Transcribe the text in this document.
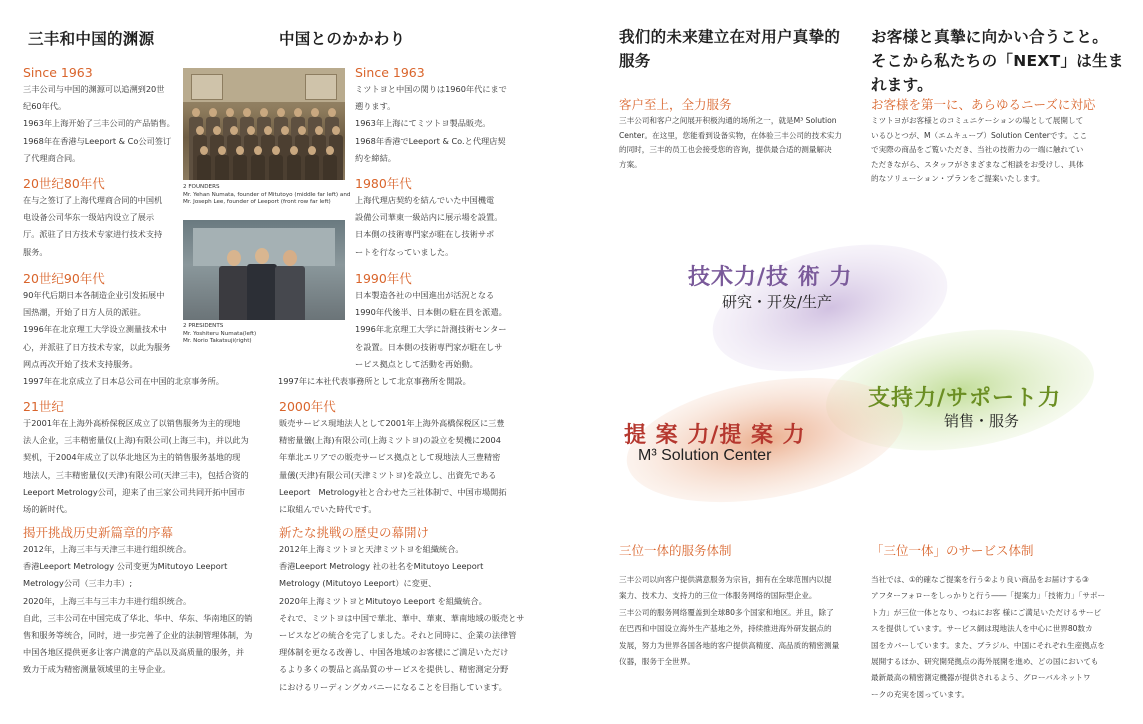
三丰和中国的渊源
Since 1963

三丰公司与中国的渊源可以追溯到20世

纪60年代。

1963年上海开始了三丰公司的产品销售。

1968年在香港与Leeport & Co公司签订

了代理商合同。

20世纪80年代

在与之签订了上海代理商合同的中国机

电设备公司华东一级站内设立了展示

厅。派驻了日方技术专家进行技术支持

服务。

20世纪90年代

90年代后期日本各制造企业引发拓展中

国热潮，开始了日方人员的派驻。

1996年在北京理工大学设立测量技术中

心，并派驻了日方技术专家，以此为服务

网点再次开始了技术支持服务。

1997年在北京成立了日本总公司在中国的北京事务所。

21世纪

于2001年在上海外高桥保税区成立了以销售服务为主的现地

法人企业，三丰精密量仪(上海)有限公司(上海三丰)，并以此为

契机，于2004年成立了以华北地区为主的销售服务基地的现

地法人，三丰精密量仪(天津)有限公司(天津三丰)，包括合资的

Leeport Metrology公司，迎来了由三家公司共同开拓中国市

场的新时代。

揭开挑战历史新篇章的序幕

2012年，上海三丰与天津三丰进行组织统合。

香港Leeport Metrology 公司变更为Mitutoyo Leeport

Metrology公司（三丰力丰）;

2020年，上海三丰与三丰力丰进行组织统合。

自此，三丰公司在中国完成了华北、华中、华东、华南地区的销

售和服务等统合，同时，进一步完善了企业的法制管理体制，为

中国各地区提供更多让客户满意的产品以及高质量的服务，并

致力于成为精密测量领域里的主导企业。

2 FOUNDERS
Mr. Yehan Numata, founder of Mitutoyo (middle far left) and
Mr. Joseph Lee, founder of Leeport (front row far left)
2 PRESIDENTS
Mr. Yoshiteru Numata(left)
Mr. Norio Takatsuji(right)
中国とのかかわり
Since 1963

ミツトヨと中国の関りは1960年代にまで

遡ります。

1963年上海にてミツトヨ製品販売。

1968年香港でLeeport & Co.と代理店契

約を締結。

1980年代

上海代理店契約を結んでいた中国機電

設備公司華東一級站内に展示場を設置。

日本側の技術専門家が駐在し技術サポ

ートを行なっていました。

1990年代

日本製造各社の中国進出が活況となる

1990年代後半、日本側の駐在員を派遣。

1996年北京理工大学に計測技術センター

を設置。日本側の技術専門家が駐在しサ

ービス拠点として活動を再始動。

1997年に本社代表事務所として北京事務所を開設。

2000年代

販売サービス現地法人として2001年上海外高橋保税区に三豊

精密量儀(上海)有限公司(上海ミツトヨ)の設立を契機に2004

年華北エリアでの販売サービス拠点として現地法人三豊精密

量儀(天津)有限公司(天津ミツトヨ)を設立し、出資先である

Leeport　Metrology社と合わせた三社体制で、中国市場開拓

に取組んでいた時代です。

新たな挑戦の歴史の幕開け

2012年上海ミツトヨと天津ミツトヨを組織統合。

香港Leeport Metrology 社の社名をMitutoyo Leeport

Metrology (Mitutoyo Leeport）に変更、

2020年上海ミツトヨとMitutoyo Leeport を組織統合。

それで、ミツトヨは中国で華北、華中、華東、華南地域の販売とサ

ービスなどの統合を完了しました。それと同時に、企業の法律管

理体制を更なる改善し、中国各地域のお客様にご満足いただけ

るより多くの製品と高品質のサービスを提供し、精密測定分野

におけるリーディングカバニーになることを目指しています。

我们的未来建立在对用户真挚的
服务
客户至上，全力服务

三丰公司和客户之间展开积极沟通的场所之一，就是M³ Solution

Center。在这里，您能看到设备实物，在体验三丰公司的技术实力

的同时，三丰的员工也会接受您的咨询，提供最合适的测量解决

方案。

お客様と真摯に向かい合うこと。
そこから私たちの「NEXT」は生ま
れます。
お客様を第一に、あらゆるニーズに対応

ミツトヨがお客様とのコミュニケーションの場として展開して

いるひとつが、M（エムキューブ）Solution Centerです。ここ

で実際の商品をご覧いただき、当社の技術力の一端に触れてい

ただきながら、スタッフがさまざまなご相談をお受けし、具体

的なソリューション・プランをご提案いたします。

技术力/技 術 力
研究・开发/生产
支持力/サポート力
销售・服务
提 案 力/提 案 力
M³ Solution Center
三位一体的服务体制

三丰公司以向客户提供满意服务为宗旨，拥有在全球范围内以提

案力、技术力、支持力的三位一体服务网络的国际型企业。

三丰公司的服务网络覆盖到全球80多个国家和地区。并且，除了

在巴西和中国设立海外生产基地之外，持续推进海外研发据点的

发展，努力为世界各国各地的客户提供高精度、高品质的精密测量

仪器，服务于全世界。

「三位一体」のサービス体制

当社では、①的確なご提案を行う②より良い商品をお届けする③

アフターフォローをしっかりと行う――「提案力」「技術力」「サポー

ト力」が三位一体となり、つねにお客 様にご満足いただけるサービ

スを提供しています。サービス網は現地法人を中心に世界80数カ

国をカバーしています。また、ブラジル、中国にそれぞれ生産拠点を

展開するほか、研究開発拠点の海外展開を進め、どの国においても

最新最高の精密測定機器が提供されるよう、グローバルネットワ

ークの充実を図っています。
